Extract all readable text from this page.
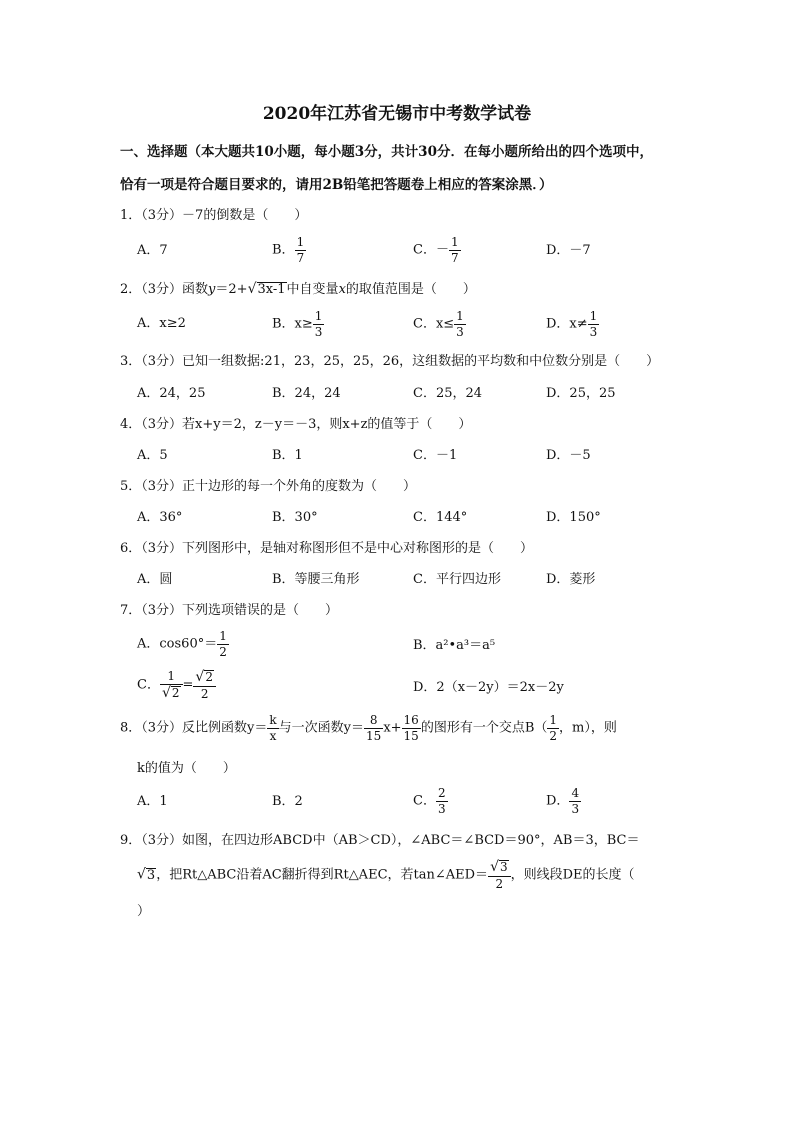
2020年江苏省无锡市中考数学试卷
一、选择题（本大题共10小题，每小题3分，共计30分．在每小题所给出的四个选项中，
恰有一项是符合题目要求的，请用2B铅笔把答题卷上相应的答案涂黑．）
1．（3分）－7的倒数是（　　）
A．7	B． $\frac{1}{7}$	C．－ $\frac{1}{7}$	D．－7
2．（3分）函数y＝2+√3x-1中自变量x的取值范围是（　　）
A．x≥2	B．$x\ge \frac{1}{3}$	C．$x\le \frac{1}{3}$	D．$x\ne \frac{1}{3}$
3．（3分）已知一组数据:21，23，25，25，26，这组数据的平均数和中位数分别是（　　）
A．24，25	B．24，24	C．25，24	D．25，25
4．（3分）若x+y＝2，z－y＝－3，则x+z的值等于（　　）
A．5	B．1	C．－1	D．－5
5．（3分）正十边形的每一个外角的度数为（　　）
A．36°	B．30°	C．144°	D．150°
6．（3分）下列图形中，是轴对称图形但不是中心对称图形的是（　　）
A．圆	B．等腰三角形	C．平行四边形	D．菱形
7．（3分）下列选项错误的是（　　）
A．$\cos 60^\circ= \frac{1}{2}$	B．a²•a³＝a⁵
C． $\frac{1}{√2} = \frac{√2}{2}$	D．2（x－2y）＝2x－2y
8．（3分）反比例函数$y= \frac{k}{x}$ 与一次函数$y= \frac{8}{15} x+ \frac{16}{15}$ 的图形有一个交点$B( \frac{1}{2}$ ，m），则
k的值为（　　）
A．1	B．2	C． $\frac{2}{3}$	D． $\frac{4}{3}$
9．（3分）如图，在四边形ABCD中（AB＞CD），∠ABC＝∠BCD＝90°，AB＝3，BC＝
√3，把Rt△ABC沿着AC翻折得到Rt△AEC，若tan∠AED＝ $\frac{√3}{2}$ ，则线段DE的长度（
）
